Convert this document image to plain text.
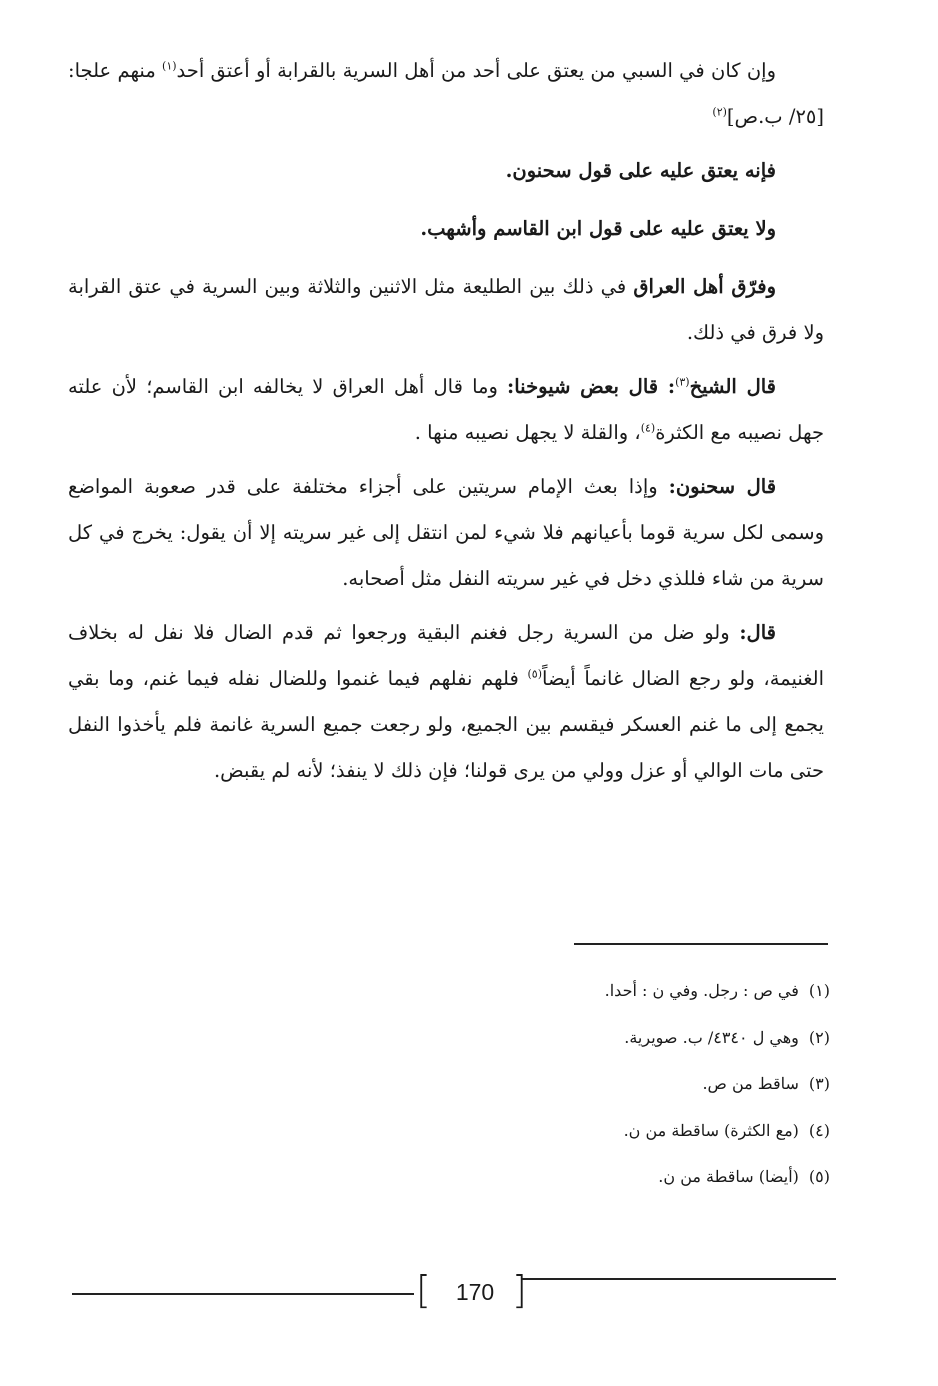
وإن كان في السبي من يعتق على أحد من أهل السرية بالقرابة أو أعتق أحد$^{(١)}$ منهم علجا:[٢٥/ ب.ص]$^{(٢)}$

فإنه يعتق عليه على قول سحنون.

ولا يعتق عليه على قول ابن القاسم وأشهب.

وفرّق أهل العراق في ذلك بين الطليعة مثل الاثنين والثلاثة وبين السرية في عتق القرابة ولا فرق في ذلك.

قال الشيخ$^{(٣)}$: قال بعض شيوخنا: وما قال أهل العراق لا يخالفه ابن القاسم؛ لأن علته جهل نصيبه مع الكثرة$^{(٤)}$، والقلة لا يجهل نصيبه منها .

قال سحنون: وإذا بعث الإمام سريتين على أجزاء مختلفة على قدر صعوبة المواضع وسمى لكل سرية قوما بأعيانهم فلا شيء لمن انتقل إلى غير سريته إلا أن يقول: يخرج في كل سرية من شاء فللذي دخل في غير سريته النفل مثل أصحابه.

قال: ولو ضل من السرية رجل فغنم البقية ورجعوا ثم قدم الضال فلا نفل له بخلاف الغنيمة، ولو رجع الضال غانماً أيضاً$^{(٥)}$ فلهم نفلهم فيما غنموا وللضال نفله فيما غنم، وما بقي يجمع إلى ما غنم العسكر فيقسم بين الجميع، ولو رجعت جميع السرية غانمة فلم يأخذوا النفل حتى مات الوالي أو عزل وولي من يرى قولنا؛ فإن ذلك لا ينفذ؛ لأنه لم يقبض.

(١)في ص : رجل. وفي ن : أحدا.

(٢)وهي ل ٤٣٤٠/ ب. صويرية.

(٣)ساقط من ص.

(٤)(مع الكثرة) ساقطة من ن.

(٥)(أيضا) ساقطة من ن.

[	170 ]
